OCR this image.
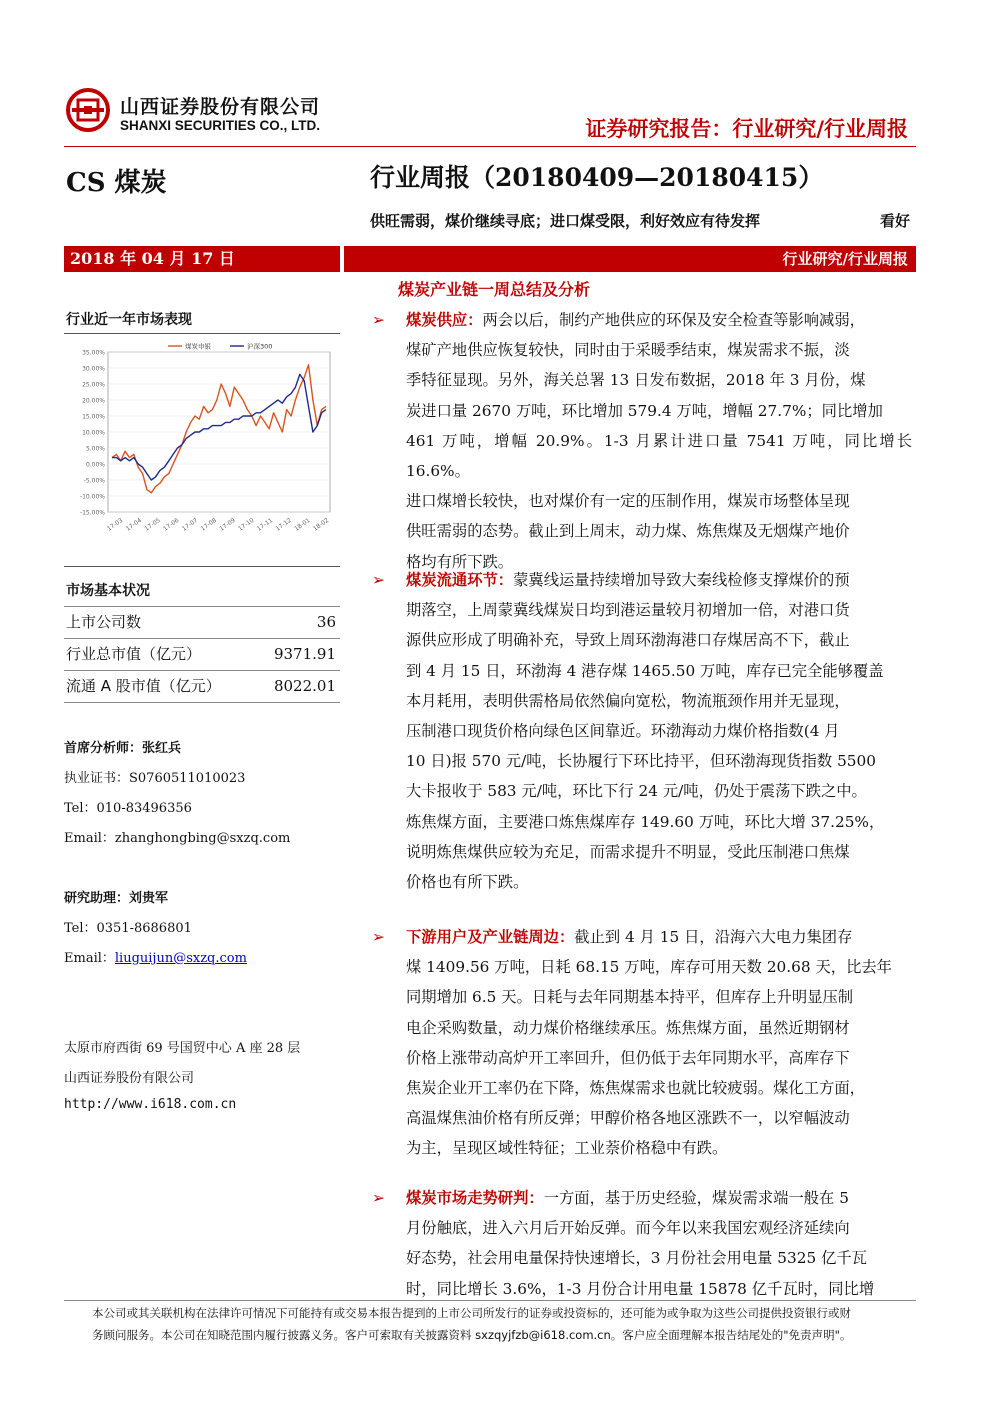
山西证券股份有限公司
SHANXI SECURITIES CO., LTD.	证券研究报告：行业研究/行业周报
CS 煤炭	行业周报（20180409—20180415）
供旺需弱，煤价继续寻底；进口煤受限，利好效应有待发挥	看好
2018 年 04 月 17 日	行业研究/行业周报
煤炭产业链一周总结及分析
行业近一年市场表现
35.00%
30.00%
25.00%
20.00%
15.00%
10.00%
5.00%
0.00%
-5.00%
-10.00%
-15.00%
17-03 17-04 17-05 17-06 17-07 17-08 17-09 17-10 17-11 17-12 18-01 18-02
煤炭申银	沪深300
市场基本状况
上市公司数	36
行业总市值（亿元）	9371.91
流通 A 股市值（亿元）	8022.01
首席分析师：张红兵
执业证书：S0760511010023
Tel：010-83496356
Email：zhanghongbing@sxzq.com
研究助理：刘贵军
Tel：0351-8686801
Email：liuguijun@sxzq.com
太原市府西街 69 号国贸中心 A 座 28 层
山西证券股份有限公司
http://www.i618.com.cn
➢ 煤炭供应：两会以后，制约产地供应的环保及安全检查等影响减弱，
煤矿产地供应恢复较快，同时由于采暖季结束，煤炭需求不振，淡
季特征显现。另外，海关总署 13 日发布数据，2018 年 3 月份，煤
炭进口量 2670 万吨，环比增加 579.4 万吨，增幅 27.7%；同比增加
461 万吨，增幅 20.9%。1-3 月累计进口量 7541 万吨，同比增长 16.6%。
进口煤增长较快，也对煤价有一定的压制作用，煤炭市场整体呈现
供旺需弱的态势。截止到上周末，动力煤、炼焦煤及无烟煤产地价
格均有所下跌。
➢ 煤炭流通环节：蒙冀线运量持续增加导致大秦线检修支撑煤价的预
期落空，上周蒙冀线煤炭日均到港运量较月初增加一倍，对港口货
源供应形成了明确补充，导致上周环渤海港口存煤居高不下，截止
到 4 月 15 日，环渤海 4 港存煤 1465.50 万吨，库存已完全能够覆盖
本月耗用，表明供需格局依然偏向宽松，物流瓶颈作用并无显现，
压制港口现货价格向绿色区间靠近。环渤海动力煤价格指数(4 月
10 日)报 570 元/吨，长协履行下环比持平，但环渤海现货指数 5500
大卡报收于 583 元/吨，环比下行 24 元/吨，仍处于震荡下跌之中。
炼焦煤方面，主要港口炼焦煤库存 149.60 万吨，环比大增 37.25%，
说明炼焦煤供应较为充足，而需求提升不明显，受此压制港口焦煤
价格也有所下跌。
➢ 下游用户及产业链周边：截止到 4 月 15 日，沿海六大电力集团存
煤 1409.56 万吨，日耗 68.15 万吨，库存可用天数 20.68 天，比去年
同期增加 6.5 天。日耗与去年同期基本持平，但库存上升明显压制
电企采购数量，动力煤价格继续承压。炼焦煤方面，虽然近期钢材
价格上涨带动高炉开工率回升，但仍低于去年同期水平，高库存下
焦炭企业开工率仍在下降，炼焦煤需求也就比较疲弱。煤化工方面，
高温煤焦油价格有所反弹；甲醇价格各地区涨跌不一，以窄幅波动
为主，呈现区域性特征；工业萘价格稳中有跌。
➢ 煤炭市场走势研判：一方面，基于历史经验，煤炭需求端一般在 5
月份触底，进入六月后开始反弹。而今年以来我国宏观经济延续向
好态势，社会用电量保持快速增长，3 月份社会用电量 5325 亿千瓦
时，同比增长 3.6%，1-3 月份合计用电量 15878 亿千瓦时，同比增
本公司或其关联机构在法律许可情况下可能持有或交易本报告提到的上市公司所发行的证券或投资标的，还可能为或争取为这些公司提供投资银行或财
务顾问服务。本公司在知晓范围内履行披露义务。客户可索取有关披露资料 sxzqyjfzb@i618.com.cn。客户应全面理解本报告结尾处的"免责声明"。
